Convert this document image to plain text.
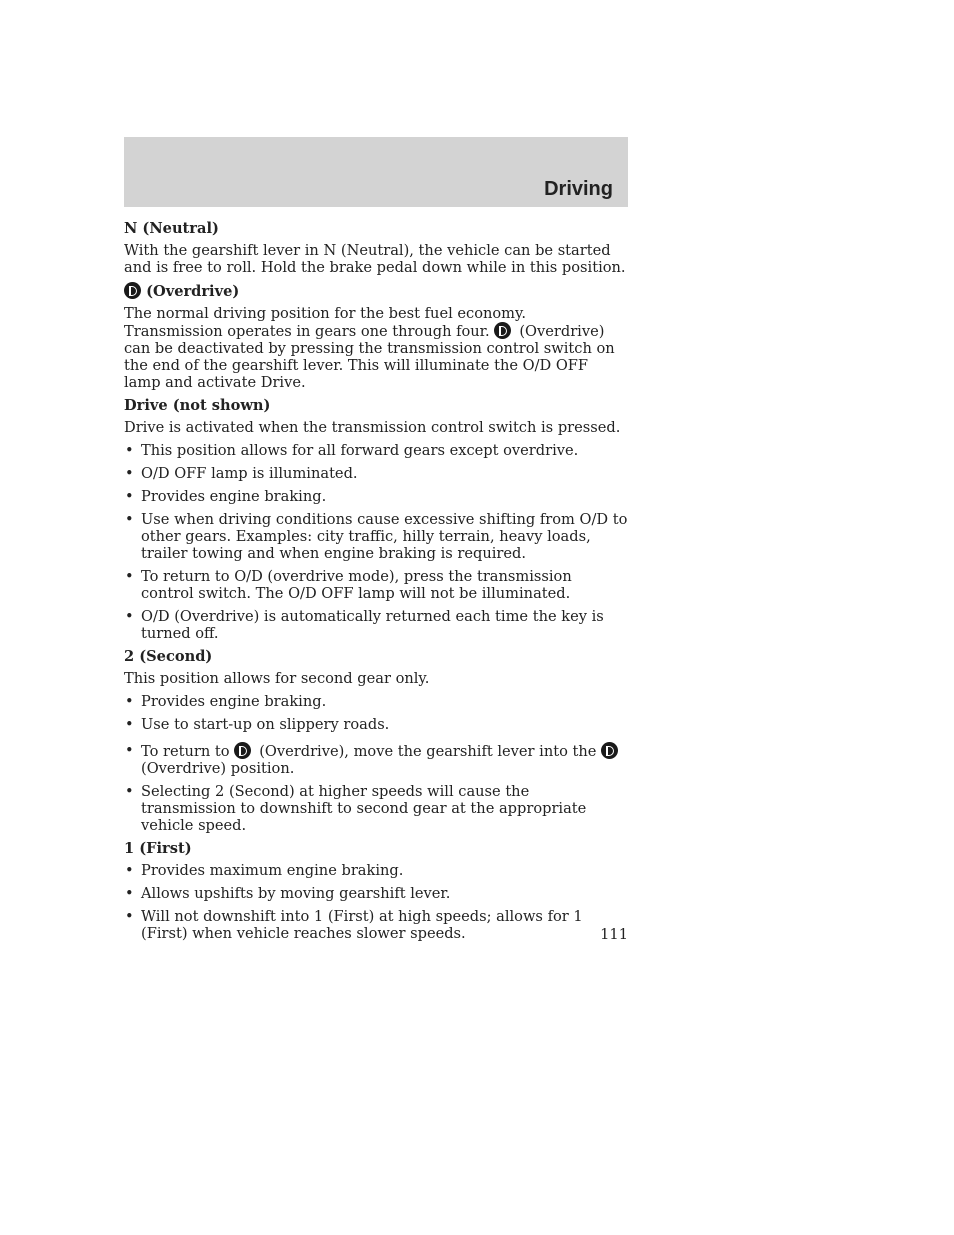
Driving
N (Neutral)

With the gearshift lever in N (Neutral), the vehicle can be started and is free to roll. Hold the brake pedal down while in this position.

(Overdrive)

The normal driving position for the best fuel economy. Transmission operates in gears one through four. (Overdrive) can be deactivated by pressing the transmission control switch on the end of the gearshift lever. This will illuminate the O/D OFF lamp and activate Drive.

Drive (not shown)

Drive is activated when the transmission control switch is pressed.

• This position allows for all forward gears except overdrive.
• O/D OFF lamp is illuminated.
• Provides engine braking.
• Use when driving conditions cause excessive shifting from O/D to other gears. Examples: city traffic, hilly terrain, heavy loads, trailer towing and when engine braking is required.
• To return to O/D (overdrive mode), press the transmission control switch. The O/D OFF lamp will not be illuminated.
• O/D (Overdrive) is automatically returned each time the key is turned off.
2 (Second)

This position allows for second gear only.

• Provides engine braking.
• Use to start-up on slippery roads.
• To return to (Overdrive), move the gearshift lever into the
(Overdrive) position.
• Selecting 2 (Second) at higher speeds will cause the transmission to downshift to second gear at the appropriate vehicle speed.
1 (First)
• Provides maximum engine braking.
• Allows upshifts by moving gearshift lever.
• Will not downshift into 1 (First) at high speeds; allows for 1 (First) when vehicle reaches slower speeds.	111
